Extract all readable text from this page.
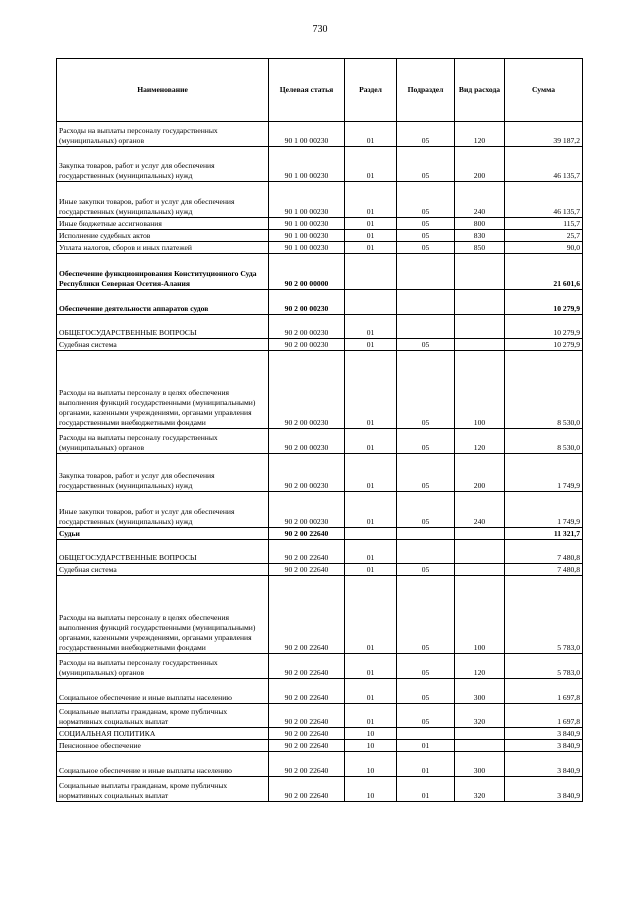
730
Наименование	Целевая статья	Раздел	Подраздел	Вид расхода	Сумма
Расходы на выплаты персоналу государственных (муниципальных) органов	90 1 00 00230	01	05	120	39 187,2
Закупка товаров, работ и услуг для обеспечения государственных (муниципальных) нужд	90 1 00 00230	01	05	200	46 135,7
Иные закупки товаров, работ и услуг для обеспечения государственных (муниципальных) нужд	90 1 00 00230	01	05	240	46 135,7
Иные бюджетные ассигнования	90 1 00 00230	01	05	800	115,7
Исполнение судебных актов	90 1 00 00230	01	05	830	25,7
Уплата налогов, сборов и иных платежей	90 1 00 00230	01	05	850	90,0
Обеспечение функционирования Конституционного Суда Республики Северная Осетия-Алания	90 2 00 00000				21 601,6
Обеспечение деятельности аппаратов судов	90 2 00 00230				10 279,9
ОБЩЕГОСУДАРСТВЕННЫЕ ВОПРОСЫ	90 2 00 00230	01			10 279,9
Судебная система	90 2 00 00230	01	05		10 279,9
Расходы на выплаты персоналу в целях обеспечения выполнения функций государственными (муниципальными) органами, казенными учреждениями, органами управления государственными внебюджетными фондами	90 2 00 00230	01	05	100	8 530,0
Расходы на выплаты персоналу государственных (муниципальных) органов	90 2 00 00230	01	05	120	8 530,0
Закупка товаров, работ и услуг для обеспечения государственных (муниципальных) нужд	90 2 00 00230	01	05	200	1 749,9
Иные закупки товаров, работ и услуг для обеспечения государственных (муниципальных) нужд	90 2 00 00230	01	05	240	1 749,9
Судьи	90 2 00 22640				11 321,7
ОБЩЕГОСУДАРСТВЕННЫЕ ВОПРОСЫ	90 2 00 22640	01			7 480,8
Судебная система	90 2 00 22640	01	05		7 480,8
Расходы на выплаты персоналу в целях обеспечения выполнения функций государственными (муниципальными) органами, казенными учреждениями, органами управления государственными внебюджетными фондами	90 2 00 22640	01	05	100	5 783,0
Расходы на выплаты персоналу государственных (муниципальных) органов	90 2 00 22640	01	05	120	5 783,0
Социальное обеспечение и иные выплаты населению	90 2 00 22640	01	05	300	1 697,8
Социальные выплаты гражданам, кроме публичных нормативных социальных выплат	90 2 00 22640	01	05	320	1 697,8
СОЦИАЛЬНАЯ ПОЛИТИКА	90 2 00 22640	10			3 840,9
Пенсионное обеспечение	90 2 00 22640	10	01		3 840,9
Социальное обеспечение и иные выплаты населению	90 2 00 22640	10	01	300	3 840,9
Социальные выплаты гражданам, кроме публичных нормативных социальных выплат	90 2 00 22640	10	01	320	3 840,9
